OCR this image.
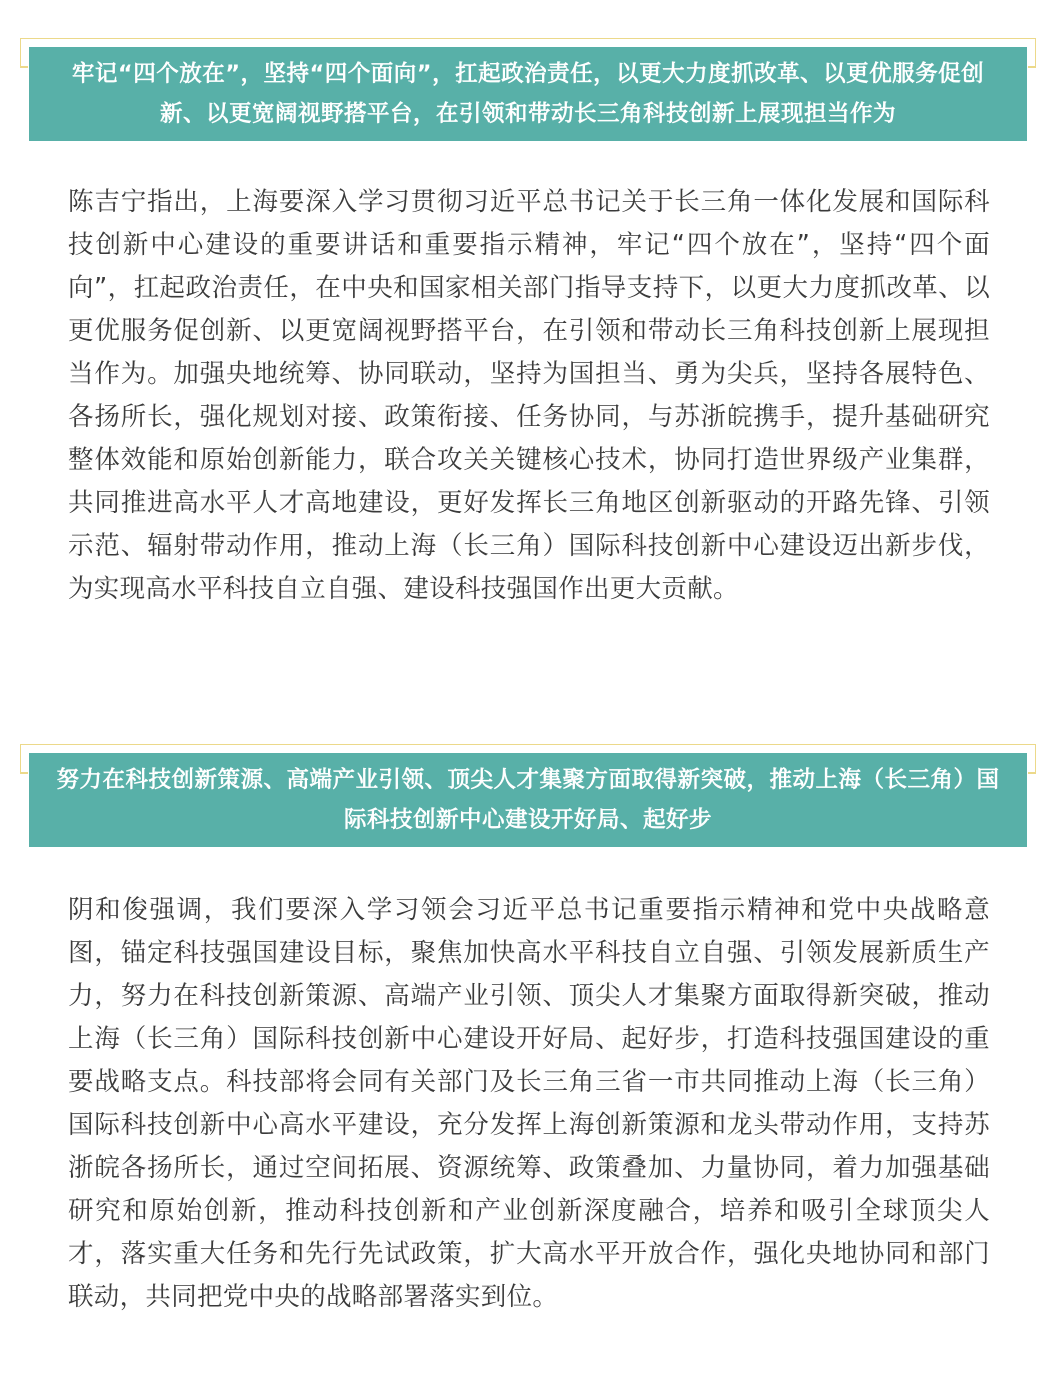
牢记“四个放在”，坚持“四个面向”，扛起政治责任，以更大力度抓改革、以更优服务促创新、以更宽阔视野搭平台，在引领和带动长三角科技创新上展现担当作为

陈吉宁指出，上海要深入学习贯彻习近平总书记关于长三角一体化发展和国际科技创新中心建设的重要讲话和重要指示精神，牢记“四个放在”，坚持“四个面向”，扛起政治责任，在中央和国家相关部门指导支持下，以更大力度抓改革、以更优服务促创新、以更宽阔视野搭平台，在引领和带动长三角科技创新上展现担当作为。加强央地统筹、协同联动，坚持为国担当、勇为尖兵，坚持各展特色、各扬所长，强化规划对接、政策衔接、任务协同，与苏浙皖携手，提升基础研究整体效能和原始创新能力，联合攻关关键核心技术，协同打造世界级产业集群，共同推进高水平人才高地建设，更好发挥长三角地区创新驱动的开路先锋、引领示范、辐射带动作用，推动上海（长三角）国际科技创新中心建设迈出新步伐，为实现高水平科技自立自强、建设科技强国作出更大贡献。

努力在科技创新策源、高端产业引领、顶尖人才集聚方面取得新突破，推动上海（长三角）国际科技创新中心建设开好局、起好步

阴和俊强调，我们要深入学习领会习近平总书记重要指示精神和党中央战略意图，锚定科技强国建设目标，聚焦加快高水平科技自立自强、引领发展新质生产力，努力在科技创新策源、高端产业引领、顶尖人才集聚方面取得新突破，推动上海（长三角）国际科技创新中心建设开好局、起好步，打造科技强国建设的重要战略支点。科技部将会同有关部门及长三角三省一市共同推动上海（长三角）国际科技创新中心高水平建设，充分发挥上海创新策源和龙头带动作用，支持苏浙皖各扬所长，通过空间拓展、资源统筹、政策叠加、力量协同，着力加强基础研究和原始创新，推动科技创新和产业创新深度融合，培养和吸引全球顶尖人才，落实重大任务和先行先试政策，扩大高水平开放合作，强化央地协同和部门联动，共同把党中央的战略部署落实到位。
